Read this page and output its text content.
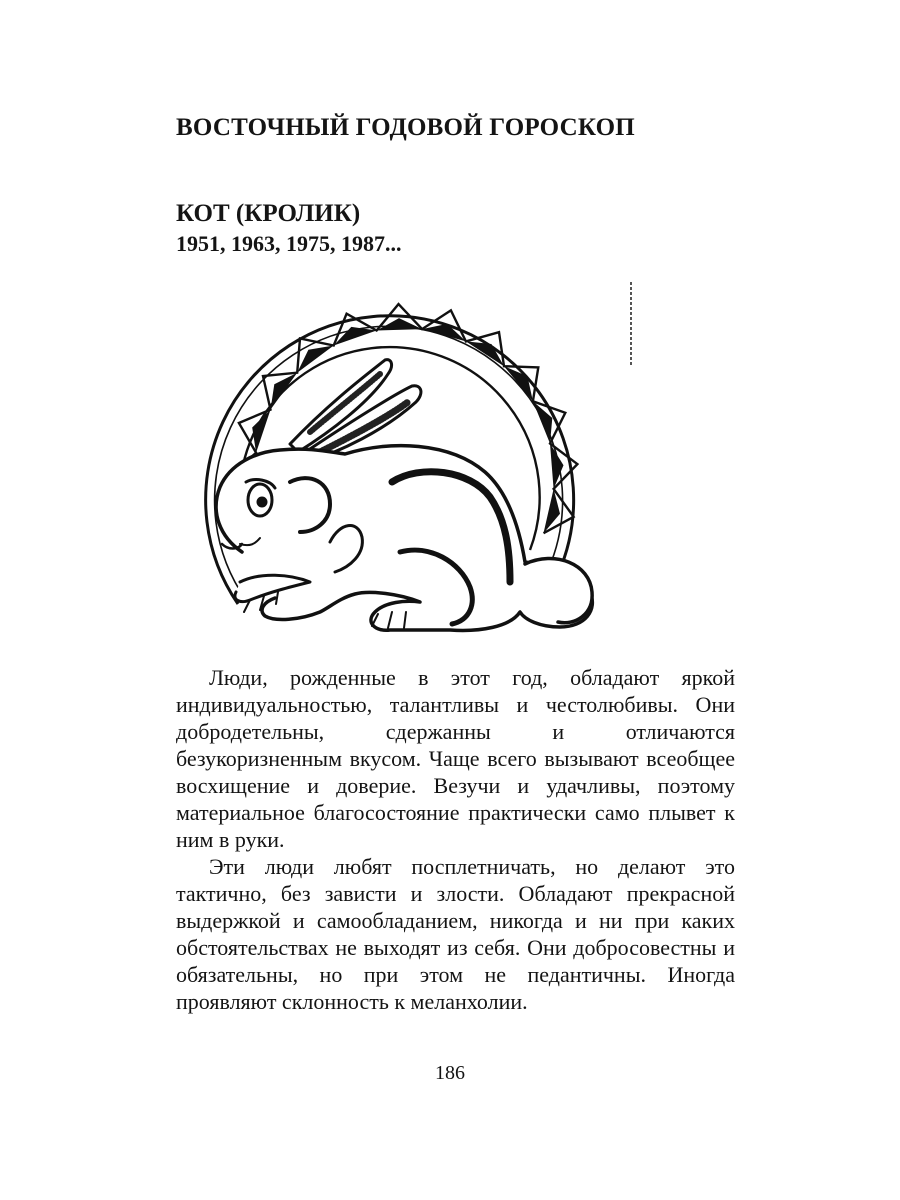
ВОСТОЧНЫЙ ГОДОВОЙ ГОРОСКОП
КОТ (КРОЛИК)
1951, 1963, 1975, 1987...

Люди, рожденные в этот год, обладают яркой индивидуальностью, талантливы и честолюбивы. Они добродетельны, сдержанны и отличаются безукоризненным вкусом. Чаще всего вызывают всеобщее восхищение и доверие. Везучи и удачливы, поэтому материальное благосостояние практически само плывет к ним в руки.

Эти люди любят посплетничать, но делают это тактично, без зависти и злости. Обладают прекрасной выдержкой и самообладанием, никогда и ни при каких обстоятельствах не выходят из себя. Они добросовестны и обязательны, но при этом не педантичны. Иногда проявляют склонность к меланхолии.

186
